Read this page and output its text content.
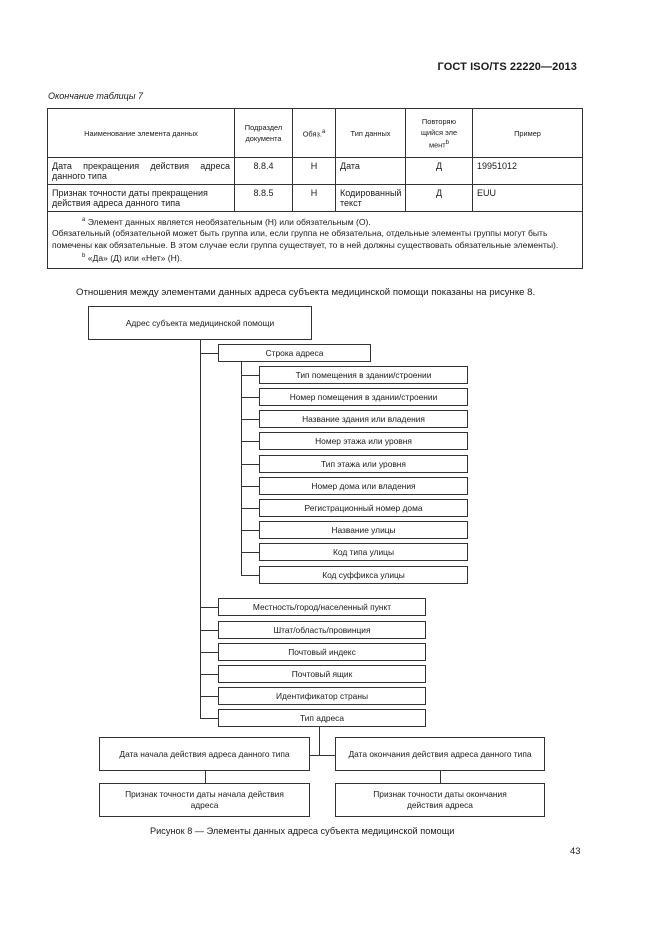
ГОСТ ISO/TS 22220—2013
Окончание таблицы 7
Наименование элемента данных	Подраздел документа	Обяз.$^a$	Тип данных	Повторяющийся элемент$^b$	Пример
Дата прекращения действия адреса данного типа	8.8.4	Н	Дата	Д	19951012
Признак точности даты прекращения действия адреса данного типа	8.8.5	Н	Кодированный текст	Д	EUU

$^a$ Элемент данных является необязательным (Н) или обязательным (О).
Обязательный (обязательной может быть группа или, если группа не обязательна, отдельные элементы группы могут быть помечены как обязательные. В этом случае если группа существует, то в ней должны существовать обязательные элементы).
$^b$ «Да» (Д) или «Нет» (Н).					
Отношения между элементами данных адреса субъекта медицинской помощи показаны на рисунке 8.
Адрес субъекта медицинской помощи
Строка адреса
Тип помещения в здании/строении
Номер помещения в здании/строении
Название здания или владения
Номер этажа или уровня
Тип этажа или уровня
Номер дома или владения
Регистрационный номер дома
Название улицы
Код типа улицы
Код суффикса улицы
Местность/город/населенный пункт
Штат/область/провинция
Почтовый индекс
Почтовый ящик
Идентификатор страны
Тип адреса
Дата начала действия адреса данного типа	Дата окончания действия адреса данного типа
Признак точности даты начала действия адреса
Признак точности даты окончания действия адреса
Рисунок 8 — Элементы данных адреса субъекта медицинской помощи
43
